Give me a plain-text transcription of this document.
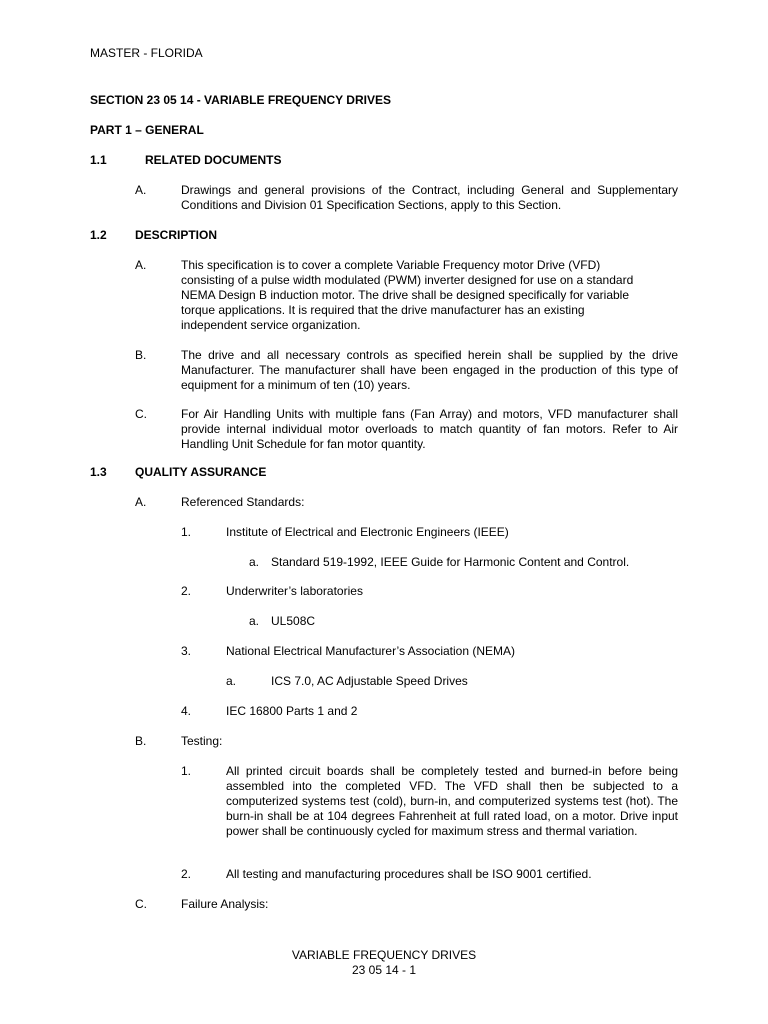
MASTER - FLORIDA
SECTION 23 05 14 - VARIABLE FREQUENCY DRIVES
PART 1 – GENERAL
1.1	RELATED DOCUMENTS
A.	Drawings and general provisions of the Contract, including General and Supplementary Conditions and Division 01 Specification Sections, apply to this Section.
1.2 DESCRIPTION
A.	This specification is to cover a complete Variable Frequency motor Drive (VFD)
consisting of a pulse width modulated (PWM) inverter designed for use on a standard
NEMA Design B induction motor. The drive shall be designed specifically for variable
torque applications. It is required that the drive manufacturer has an existing
independent service organization.
B.	The drive and all necessary controls as specified herein shall be supplied by the drive Manufacturer. The manufacturer shall have been engaged in the production of this type of equipment for a minimum of ten (10) years.
C.	For Air Handling Units with multiple fans (Fan Array) and motors, VFD manufacturer shall provide internal individual motor overloads to match quantity of fan motors. Refer to Air Handling Unit Schedule for fan motor quantity.
1.3 QUALITY ASSURANCE
A.	Referenced Standards:
1.	Institute of Electrical and Electronic Engineers (IEEE)
a. Standard 519-1992, IEEE Guide for Harmonic Content and Control.
2.	Underwriter’s laboratories
a. UL508C
3.	National Electrical Manufacturer’s Association (NEMA)
a.	ICS 7.0, AC Adjustable Speed Drives
4.	IEC 16800 Parts 1 and 2
B.	Testing:
1.	All printed circuit boards shall be completely tested and burned-in before being assembled into the completed VFD. The VFD shall then be subjected to a computerized systems test (cold), burn-in, and computerized systems test (hot). The burn-in shall be at 104 degrees Fahrenheit at full rated load, on a motor. Drive input power shall be continuously cycled for maximum stress and thermal variation.
2.	All testing and manufacturing procedures shall be ISO 9001 certified.
C.	Failure Analysis:
VARIABLE FREQUENCY DRIVES
23 05 14 - 1
